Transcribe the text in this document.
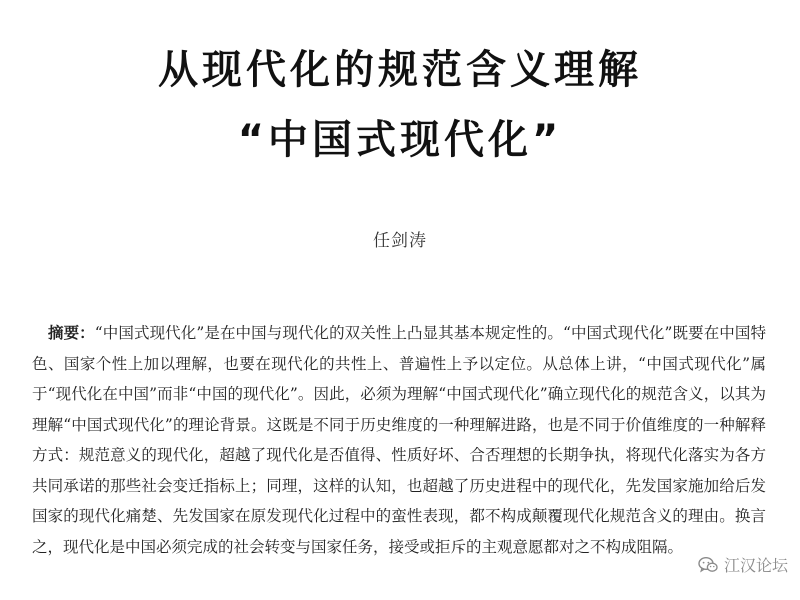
从现代化的规范含义理解
“中国式现代化”
任剑涛
摘要：“中国式现代化”是在中国与现代化的双关性上凸显其基本规定性的。“中国式现代化”既要在中国特色、国家个性上加以理解，也要在现代化的共性上、普遍性上予以定位。从总体上讲，“中国式现代化”属于“现代化在中国”而非“中国的现代化”。因此，必须为理解“中国式现代化”确立现代化的规范含义，以其为理解“中国式现代化”的理论背景。这既是不同于历史维度的一种理解进路，也是不同于价值维度的一种解释方式：规范意义的现代化，超越了现代化是否值得、性质好坏、合否理想的长期争执，将现代化落实为各方共同承诺的那些社会变迁指标上；同理，这样的认知，也超越了历史进程中的现代化，先发国家施加给后发国家的现代化痛楚、先发国家在原发现代化过程中的蛮性表现，都不构成颠覆现代化规范含义的理由。换言之，现代化是中国必须完成的社会转变与国家任务，接受或拒斥的主观意愿都对之不构成阻隔。
江汉论坛
